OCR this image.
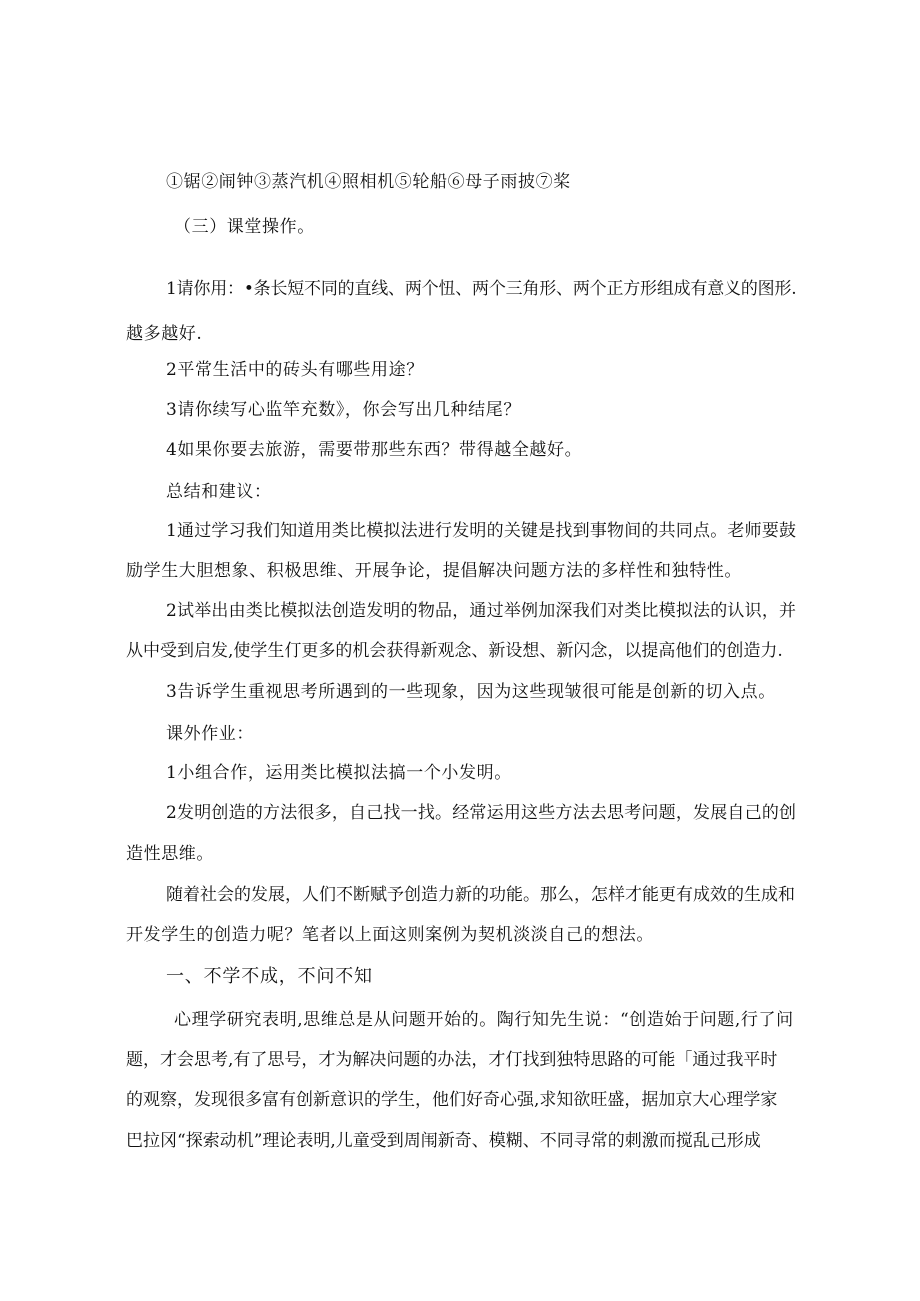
①锯②闹钟③蒸汽机④照相机⑤轮船⑥母子雨披⑦桨
（三）课堂操作。
1请你用：•条长短不同的直线、两个忸、两个三角形、两个正方形组成有意义的图形.
越多越好.
2平常生活中的砖头有哪些用途？
3请你续写心监竿充数》，你会写出几种结尾？
4如果你要去旅游，需要带那些东西？带得越全越好。
总结和建议：
1通过学习我们知道用类比模拟法进行发明的关键是找到事物间的共同点。老师要鼓
励学生大胆想象、积极思维、开展争论，提倡解决问题方法的多样性和独特性。
2试举出由类比模拟法创造发明的物品，通过举例加深我们对类比模拟法的认识，并
从中受到启发,使学生仃更多的机会获得新观念、新设想、新闪念，以提高他们的创造力.
3告诉学生重视思考所遇到的一些现象，因为这些现皱很可能是创新的切入点。
课外作业：
1小组合作，运用类比模拟法搞一个小发明。
2发明创造的方法很多，自己找一找。经常运用这些方法去思考问题，发展自己的创
造性思维。
随着社会的发展，人们不断赋予创造力新的功能。那么，怎样才能更有成效的生成和
开发学生的创造力呢？笔者以上面这则案例为契机淡淡自己的想法。
一、不学不成，不问不知
心理学研究表明,思维总是从问题开始的。陶行知先生说：“创造始于问题,行了问
题，才会思考,有了思号，才为解决问题的办法，才仃找到独特思路的可能「通过我平时
的观察，发现很多富有创新意识的学生，他们好奇心强,求知欲旺盛，据加京大心理学家
巴拉冈“探索动机”理论表明,儿童受到周闱新奇、模糊、不同寻常的刺激而搅乱己形成
